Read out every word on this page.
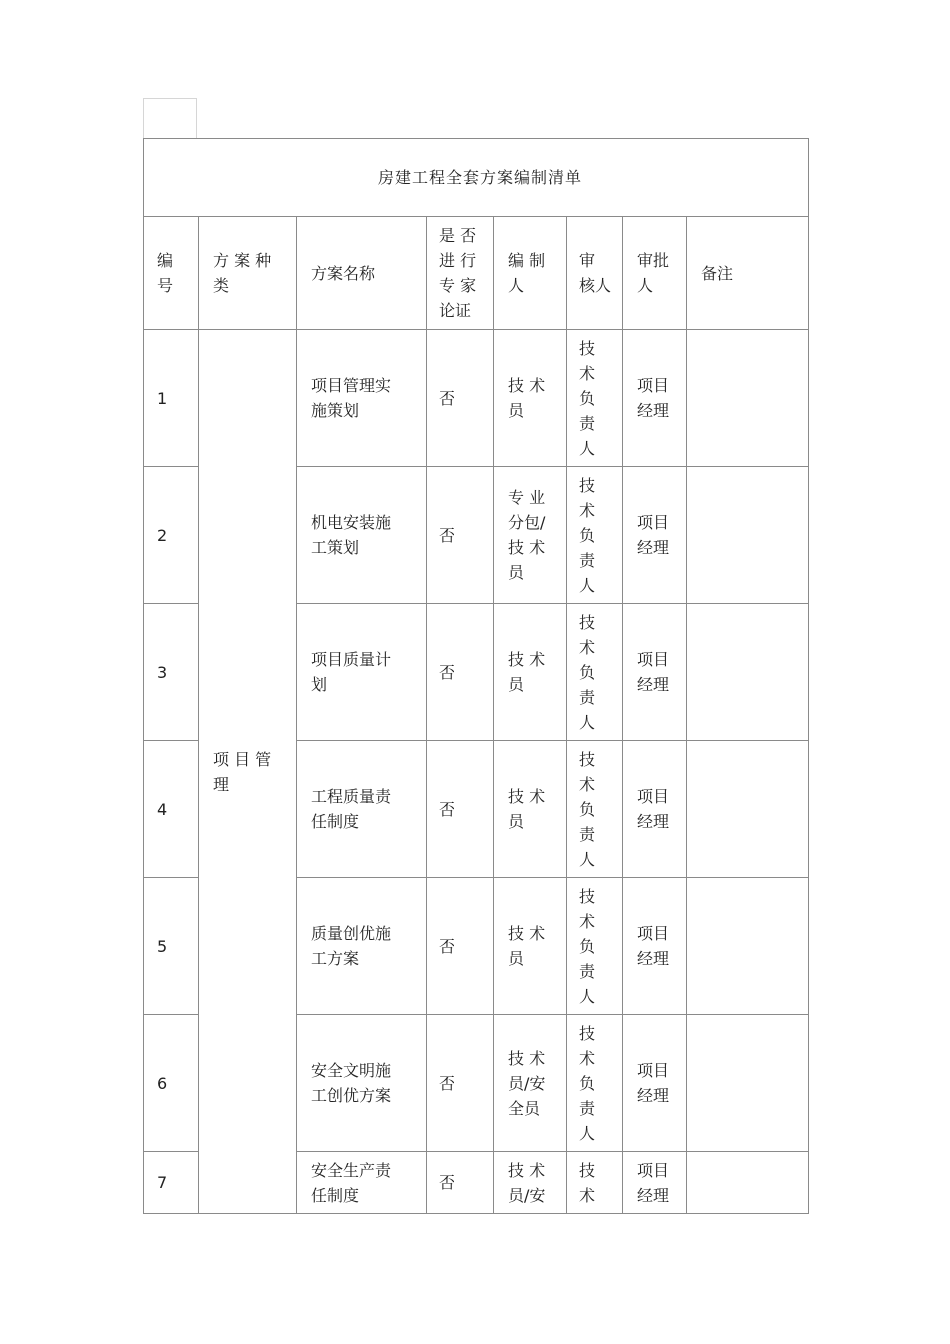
房建工程全套方案编制清单							

编
号	方 案 种
类	方案名称	是 否
进 行
专 家
论证	编 制
人	审
核人	审批
人	备注

1	项 目 管
理	项目管理实
施策划	否	技 术
员	技
术
负
责
人	项目
经理	

2		机电安装施
工策划	否	专 业
分包/
技 术
员	技
术
负
责
人	项目
经理	

3		项目质量计
划	否	技 术
员	技
术
负
责
人	项目
经理	

4		工程质量责
任制度	否	技 术
员	技
术
负
责
人	项目
经理	

5		质量创优施
工方案	否	技 术
员	技
术
负
责
人	项目
经理	

6		安全文明施
工创优方案	否	技 术
员/安
全员	技
术
负
责
人	项目
经理	

7		安全生产责
任制度	否	技 术
员/安	技
术	项目
经理	
